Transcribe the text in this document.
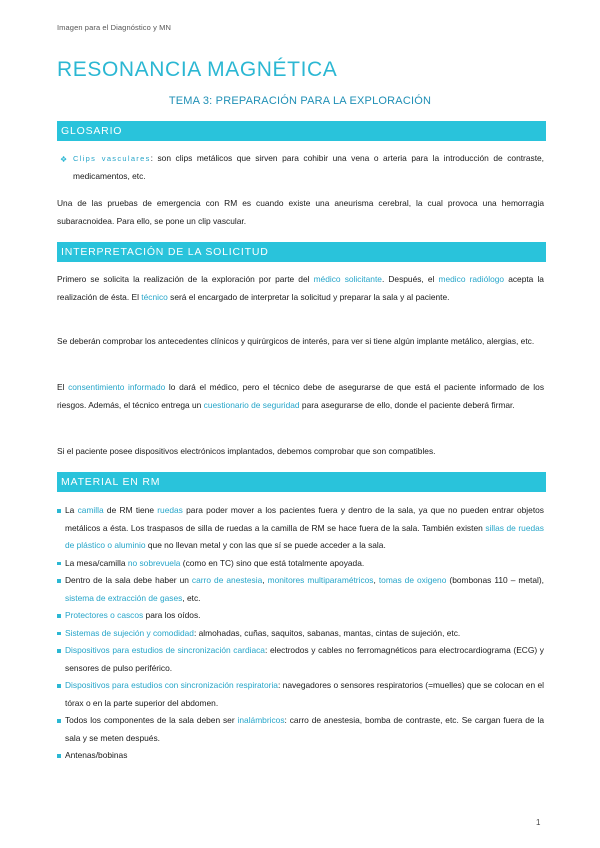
Imagen para el Diagnóstico y MN
RESONANCIA MAGNÉTICA
TEMA 3: PREPARACIÓN PARA LA EXPLORACIÓN
GLOSARIO
❖ Clips vasculares: son clips metálicos que sirven para cohibir una vena o arteria para la introducción de contraste, medicamentos, etc.
Una de las pruebas de emergencia con RM es cuando existe una aneurisma cerebral, la cual provoca una hemorragia subaracnoidea. Para ello, se pone un clip vascular.
INTERPRETACIÓN DE LA SOLICITUD
Primero se solicita la realización de la exploración por parte del médico solicitante. Después, el medico radiólogo acepta la realización de ésta. El técnico será el encargado de interpretar la solicitud y preparar la sala y al paciente.
Se deberán comprobar los antecedentes clínicos y quirúrgicos de interés, para ver si tiene algún implante metálico, alergias, etc.
El consentimiento informado lo dará el médico, pero el técnico debe de asegurarse de que está el paciente informado de los riesgos. Además, el técnico entrega un cuestionario de seguridad para asegurarse de ello, donde el paciente deberá firmar.
Si el paciente posee dispositivos electrónicos implantados, debemos comprobar que son compatibles.
MATERIAL EN RM
La camilla de RM tiene ruedas para poder mover a los pacientes fuera y dentro de la sala, ya que no pueden entrar objetos metálicos a ésta. Los traspasos de silla de ruedas a la camilla de RM se hace fuera de la sala. También existen sillas de ruedas de plástico o aluminio que no llevan metal y con las que sí se puede acceder a la sala.
La mesa/camilla no sobrevuela (como en TC) sino que está totalmente apoyada.
Dentro de la sala debe haber un carro de anestesia, monitores multiparamétricos, tomas de oxigeno (bombonas 110 – metal), sistema de extracción de gases, etc.
Protectores o cascos para los oídos.
Sistemas de sujeción y comodidad: almohadas, cuñas, saquitos, sabanas, mantas, cintas de sujeción, etc.
Dispositivos para estudios de sincronización cardiaca: electrodos y cables no ferromagnéticos para electrocardiograma (ECG) y sensores de pulso periférico.
Dispositivos para estudios con sincronización respiratoria: navegadores o sensores respiratorios (=muelles) que se colocan en el tórax o en la parte superior del abdomen.
Todos los componentes de la sala deben ser inalámbricos: carro de anestesia, bomba de contraste, etc. Se cargan fuera de la sala y se meten después.
Antenas/bobinas
1
